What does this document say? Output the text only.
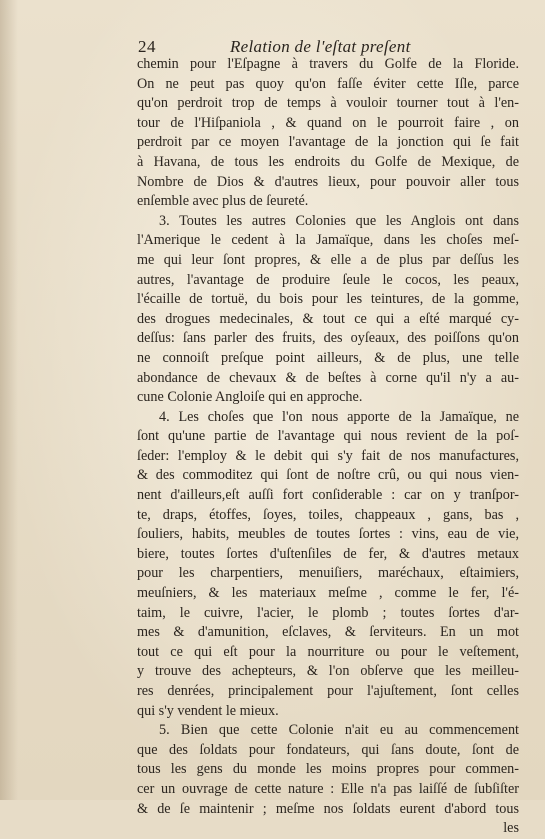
24	Relation de l'eſtat preſent
chemin pour l'Eſpagne à travers du Golfe de la Floride.
On ne peut pas quoy qu'on faſſe éviter cette Iſle, parce
qu'on perdroit trop de temps à vouloir tourner tout à l'en-
tour de l'Hiſpaniola , & quand on le pourroit faire , on
perdroit par ce moyen l'avantage de la jonction qui ſe fait
à Havana, de tous les endroits du Golfe de Mexique, de
Nombre de Dios & d'autres lieux, pour pouvoir aller tous
enſemble avec plus de ſeureté.
3. Toutes les autres Colonies que les Anglois ont dans
l'Amerique le cedent à la Jamaïque, dans les choſes meſ-
me qui leur ſont propres, & elle a de plus par deſſus les
autres, l'avantage de produire ſeule le cocos, les peaux,
l'écaille de tortuë, du bois pour les teintures, de la gomme,
des drogues medecinales, & tout ce qui a eſté marqué cy-
deſſus: ſans parler des fruits, des oyſeaux, des poiſſons qu'on
ne connoiſt preſque point ailleurs, & de plus, une telle
abondance de chevaux & de beſtes à corne qu'il n'y a au-
cune Colonie Angloiſe qui en approche.
4. Les choſes que l'on nous apporte de la Jamaïque, ne
ſont qu'une partie de l'avantage qui nous revient de la poſ-
ſeder: l'employ & le debit qui s'y fait de nos manufactures,
& des commoditez qui ſont de noſtre crû, ou qui nous vien-
nent d'ailleurs,eſt auſſi fort conſiderable : car on y tranſpor-
te, draps, étoffes, ſoyes, toiles, chappeaux , gans, bas ,
ſouliers, habits, meubles de toutes ſortes : vins, eau de vie,
biere, toutes ſortes d'uſtenſiles de fer, & d'autres metaux
pour les charpentiers, menuiſiers, maréchaux, eſtaimiers,
meuſniers, & les materiaux meſme , comme le fer, l'é-
taim, le cuivre, l'acier, le plomb ; toutes ſortes d'ar-
mes & d'amunition, eſclaves, & ſerviteurs. En un mot
tout ce qui eſt pour la nourriture ou pour le veſtement,
y trouve des achepteurs, & l'on obſerve que les meilleu-
res denrées, principalement pour l'ajuſtement, ſont celles
qui s'y vendent le mieux.
5. Bien que cette Colonie n'ait eu au commencement
que des ſoldats pour fondateurs, qui ſans doute, ſont de
tous les gens du monde les moins propres pour commen-
cer un ouvrage de cette nature : Elle n'a pas laiſſé de ſubſiſter
& de ſe maintenir ; meſme nos ſoldats eurent d'abord tous
les
